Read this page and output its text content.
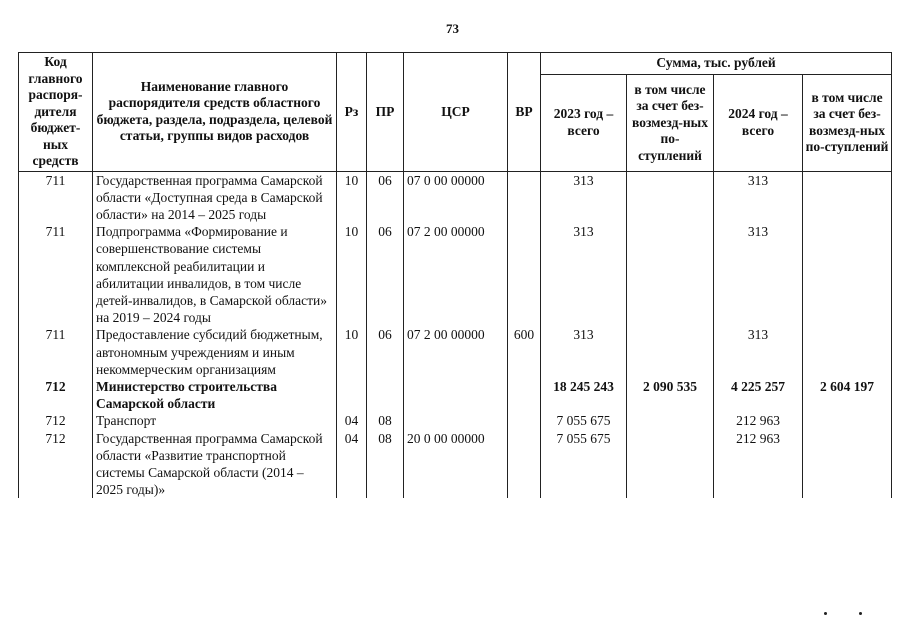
73
Код главного распоря-дителя бюджет-ных средств	Наименование главного распорядителя средств областного бюджета, раздела, подраздела, целевой статьи, группы видов расходов	Рз	ПР	ЦСР	ВР	Сумма, тыс. рублей			
						2023 год – всего	в том числе за счет без-возмезд-ных по-ступлений	2024 год – всего	в том числе за счет без-возмезд-ных по-ступлений
711	Государственная программа Самарской области «Доступная среда в Самарской области» на 2014 – 2025 годы	10	06	07 0 00 00000		313		313	
711	Подпрограмма «Формирование и совершенствование системы комплексной реабилитации и абилитации инвалидов, в том числе детей-инвалидов, в Самарской области» на 2019 – 2024 годы	10	06	07 2 00 00000		313		313	
711	Предоставление субсидий бюджетным, автономным учреждениям и иным некоммерческим организациям	10	06	07 2 00 00000	600	313		313	
712	Министерство строительства Самарской области					18 245 243	2 090 535	4 225 257	2 604 197
712	Транспорт	04	08			7 055 675		212 963	
712	Государственная программа Самарской области «Развитие транспортной системы Самарской области (2014 – 2025 годы)»	04	08	20 0 00 00000		7 055 675		212 963	
